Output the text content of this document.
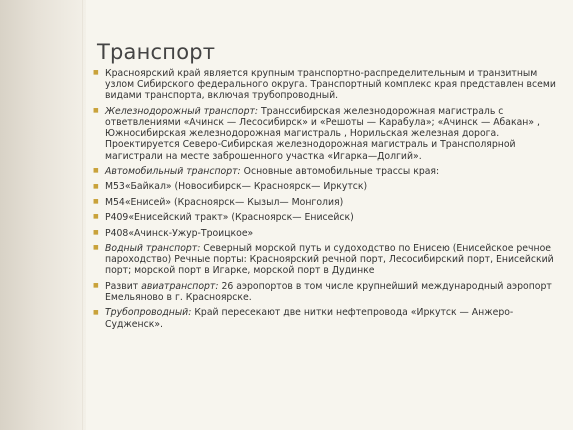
Транспорт
■
Красноярский край является крупным транспортно-распределительным и транзитным узлом Сибирского федерального округа. Транспортный комплекс края представлен всеми видами транспорта, включая трубопроводный.
■
Железнодорожный транспорт: Транссибирская железнодорожная магистраль с ответвлениями «Ачинск — Лесосибирск» и «Решоты — Карабула»; «Ачинск — Абакан» , Южносибирская железнодорожная магистраль , Норильская железная дорога. Проектируется Северо-Сибирская железнодорожная магистраль и Трансполярной магистрали на месте заброшенного участка «Игарка—Долгий».
■
Автомобильный транспорт: Основные автомобильные трассы края:
■
М53«Байкал» (Новосибирск— Красноярск— Иркутск)
■
М54«Енисей» (Красноярск— Кызыл— Монголия)
■
Р409«Енисейский тракт» (Красноярск— Енисейск)
■
Р408«Ачинск-Ужур-Троицкое»
■
Водный транспорт: Северный морской путь и судоходство по Енисею (Енисейское речное пароходство) Речные порты: Красноярский речной порт, Лесосибирский порт, Енисейский порт; морской порт в Игарке, морской порт в Дудинке
■
Развит авиатранспорт: 26 аэропортов в том числе крупнейший международный аэропорт Емельяново в г. Красноярске.
■
Трубопроводный: Край пересекают две нитки нефтепровода «Иркутск — Анжеро-Судженск».
